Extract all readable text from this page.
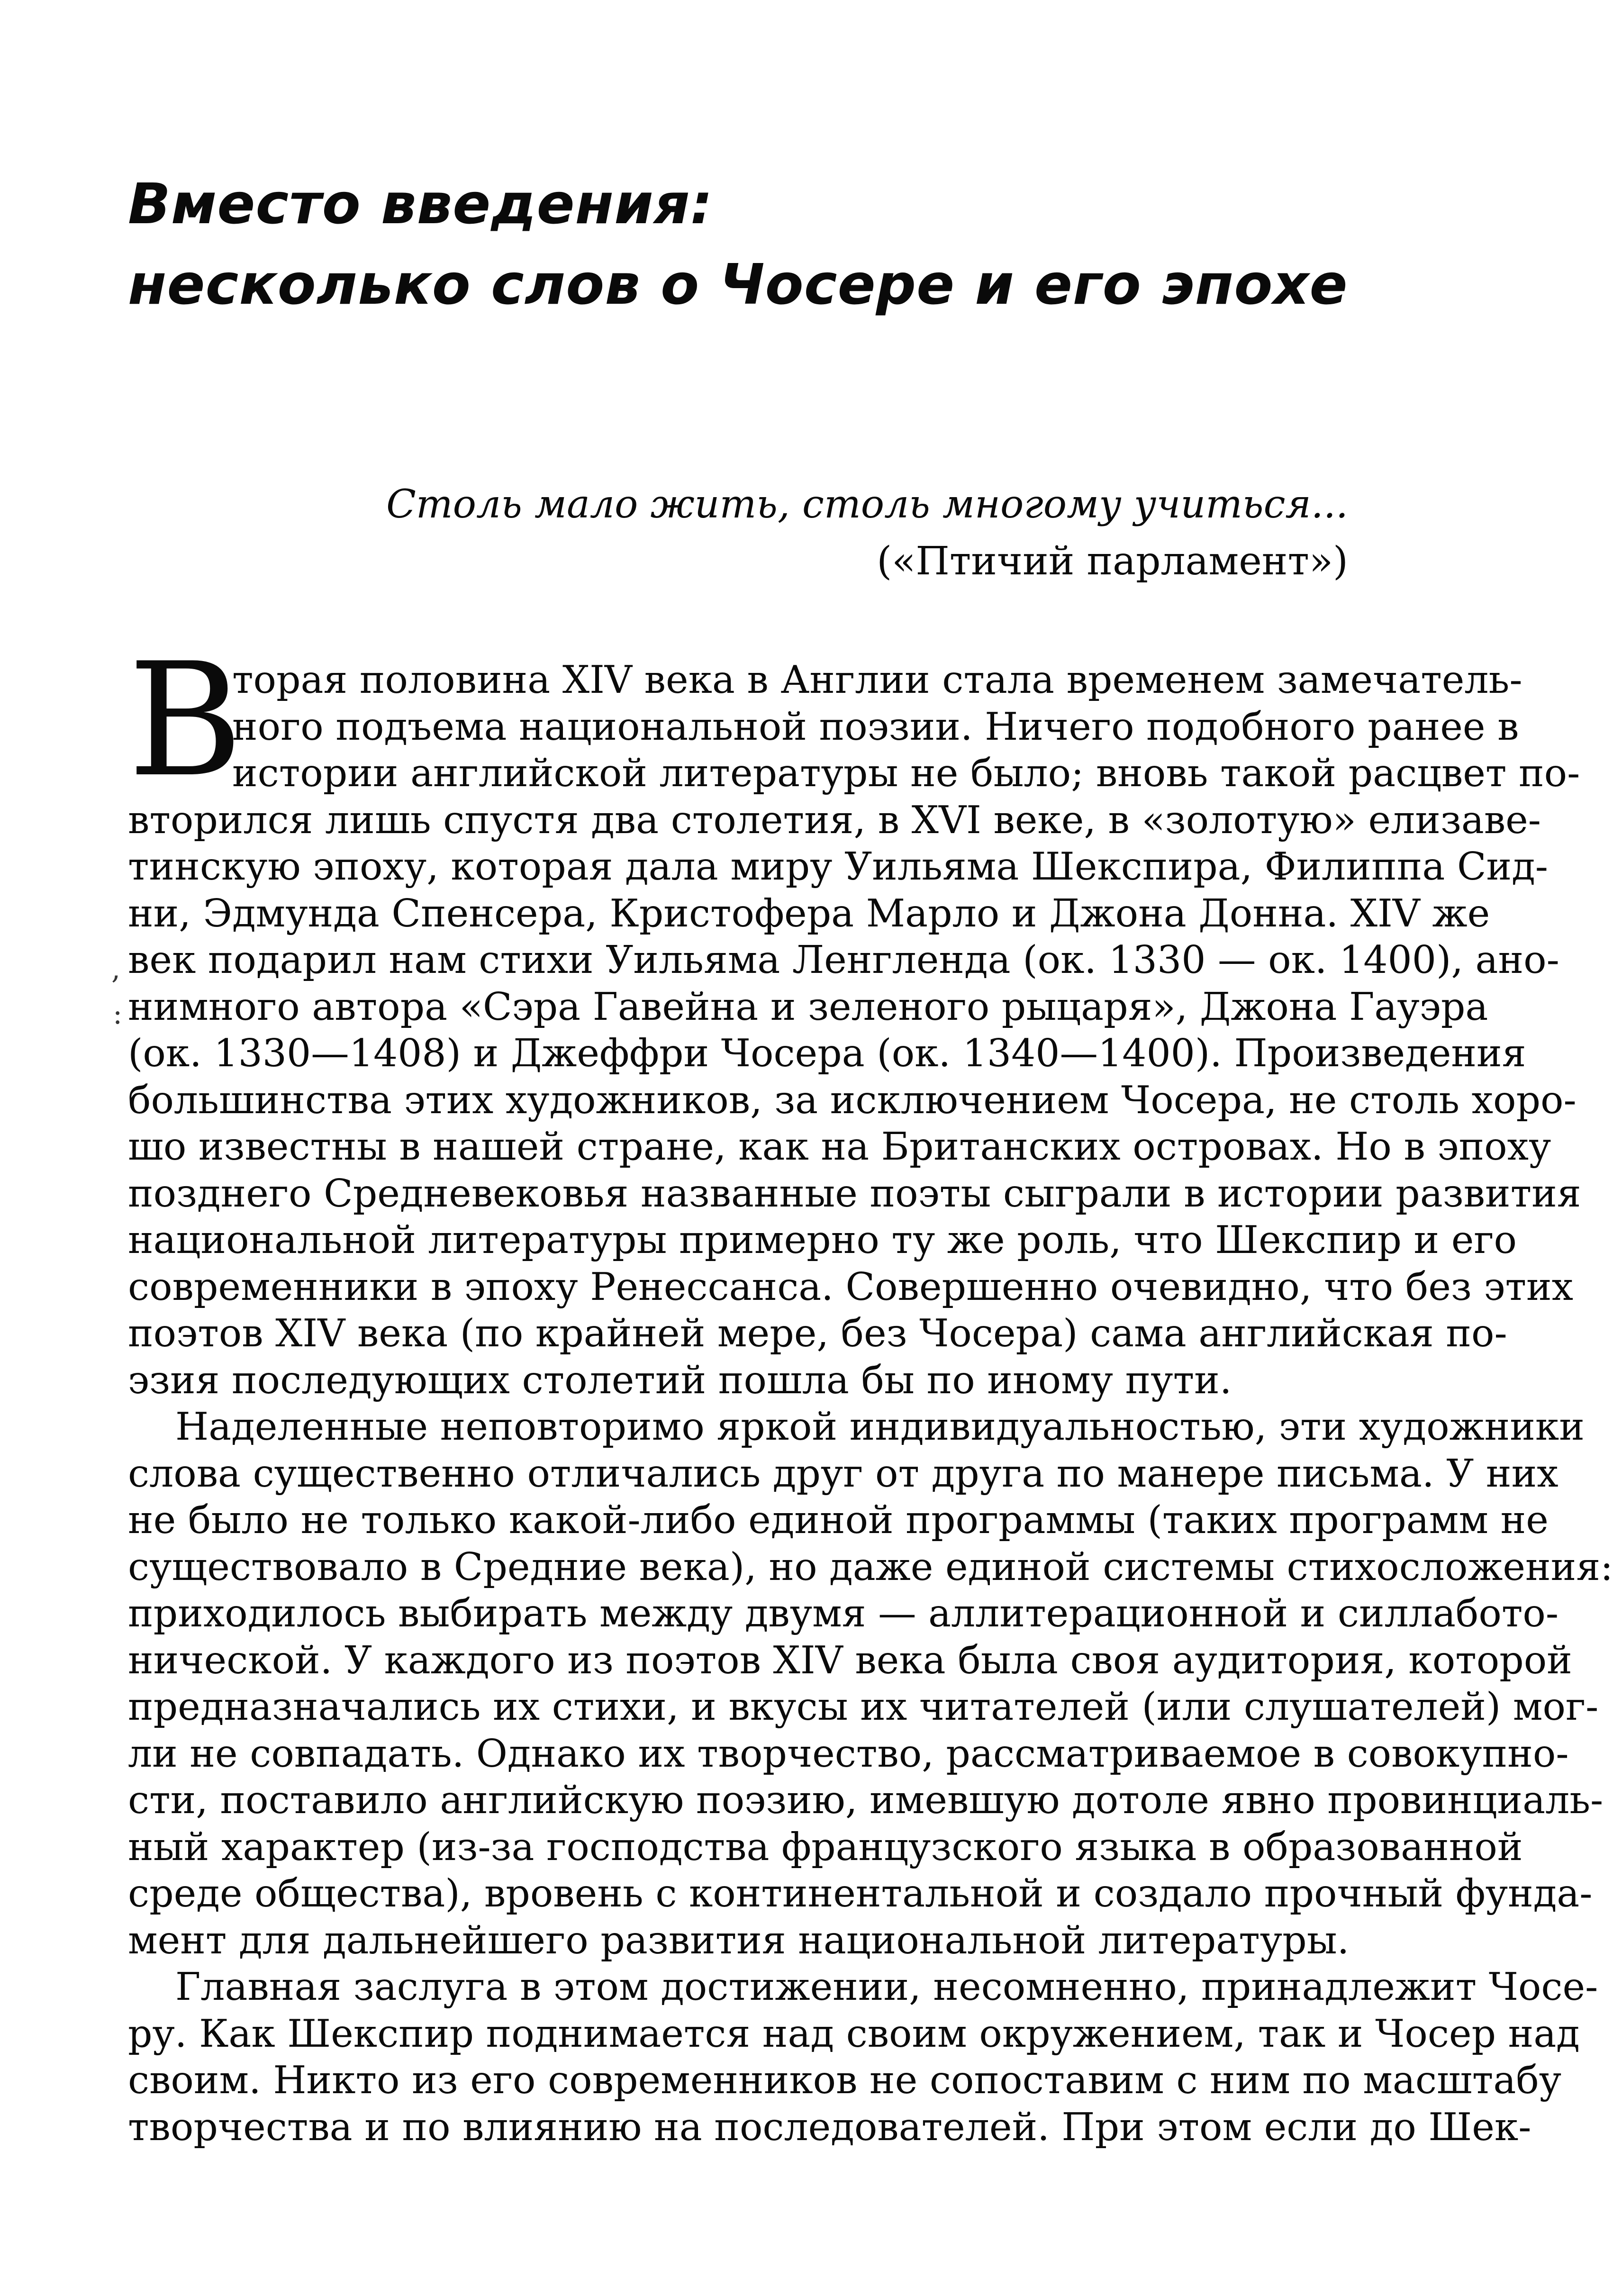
Вместо введения:
несколько слов о Чосере и его эпохе
Столь мало жить, столь многому учиться...
(«Птичий парламент»)
В
торая половина XIV века в Англии стала временем замечатель-
ного подъема национальной поэзии. Ничего подобного ранее в
истории английской литературы не было; вновь такой расцвет по-
вторился лишь спустя два столетия, в XVI веке, в «золотую» елизаве-
тинскую эпоху, которая дала миру Уильяма Шекспира, Филиппа Сид-
ни, Эдмунда Спенсера, Кристофера Марло и Джона Донна. XIV же
век подарил нам стихи Уильяма Ленгленда (ок. 1330 — ок. 1400), ано-
нимного автора «Сэра Гавейна и зеленого рыцаря», Джона Гауэра
(ок. 1330—1408) и Джеффри Чосера (ок. 1340—1400). Произведения
большинства этих художников, за исключением Чосера, не столь хоро-
шо известны в нашей стране, как на Британских островах. Но в эпоху
позднего Средневековья названные поэты сыграли в истории развития
национальной литературы примерно ту же роль, что Шекспир и его
современники в эпоху Ренессанса. Совершенно очевидно, что без этих
поэтов XIV века (по крайней мере, без Чосера) сама английская по-
эзия последующих столетий пошла бы по иному пути.
Наделенные неповторимо яркой индивидуальностью, эти художники
слова существенно отличались друг от друга по манере письма. У них
не было не только какой-либо единой программы (таких программ не
существовало в Средние века), но даже единой системы стихосложения:
приходилось выбирать между двумя — аллитерационной и силлабото-
нической. У каждого из поэтов XIV века была своя аудитория, которой
предназначались их стихи, и вкусы их читателей (или слушателей) мог-
ли не совпадать. Однако их творчество, рассматриваемое в совокупно-
сти, поставило английскую поэзию, имевшую дотоле явно провинциаль-
ный характер (из-за господства французского языка в образованной
среде общества), вровень с континентальной и создало прочный фунда-
мент для дальнейшего развития национальной литературы.
Главная заслуга в этом достижении, несомненно, принадлежит Чосе-
ру. Как Шекспир поднимается над своим окружением, так и Чосер над
своим. Никто из его современников не сопоставим с ним по масштабу
творчества и по влиянию на последователей. При этом если до Шек-
,
:
